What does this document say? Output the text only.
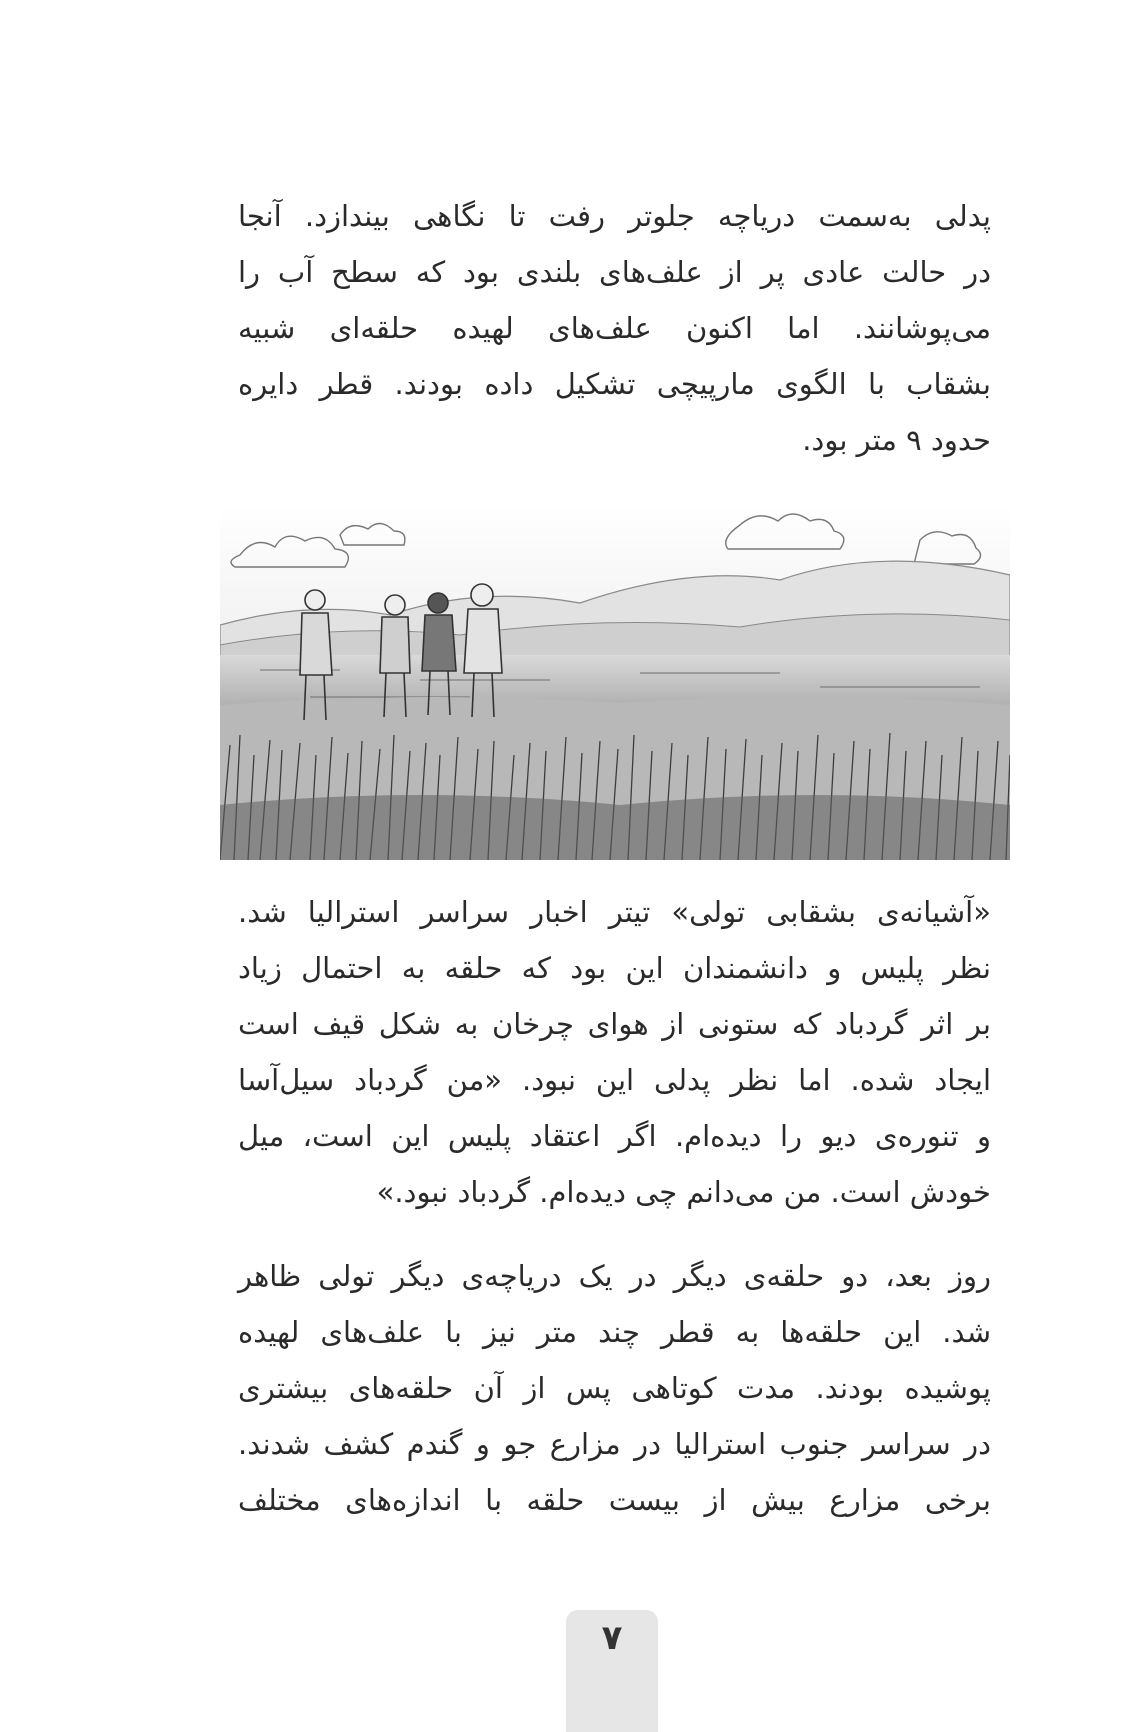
پدلی به‌سمت دریاچه جلوتر رفت تا نگاهی بیندازد. آنجا
در حالت عادی پر از علف‌های بلندی بود که سطح آب را
می‌پوشانند. اما اکنون علف‌های لهیده حلقه‌ای شبیه
بشقاب با الگوی مارپیچی تشکیل داده بودند. قطر دایره
حدود ۹ متر بود.
«آشیانه‌ی بشقابی تولی» تیتر اخبار سراسر استرالیا شد.
نظر پلیس و دانشمندان این بود که حلقه به احتمال زیاد
بر اثر گردباد که ستونی از هوای چرخان به شکل قیف است
ایجاد شده. اما نظر پدلی این نبود. «من گردباد سیل‌آسا
و تنوره‌ی دیو را دیده‌ام. اگر اعتقاد پلیس این است، میل
خودش است. من می‌دانم چی دیده‌ام. گردباد نبود.»
روز بعد، دو حلقه‌ی دیگر در یک دریاچه‌ی دیگر تولی ظاهر
شد. این حلقه‌ها به قطر چند متر نیز با علف‌های لهیده
پوشیده بودند. مدت کوتاهی پس از آن حلقه‌های بیشتری
در سراسر جنوب استرالیا در مزارع جو و گندم کشف شدند.
برخی مزارع بیش از بیست حلقه با اندازه‌های مختلف
۷
